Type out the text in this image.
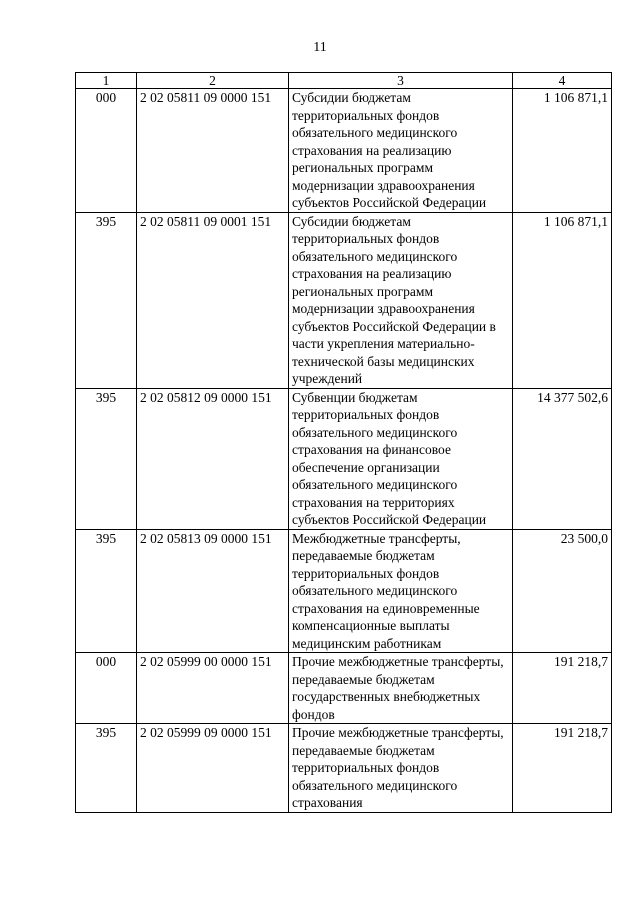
11
1	2	3	4
000	2 02 05811 09 0000 151	Субсидии бюджетам территориальных фондов обязательного медицинского страхования на реализацию региональных программ модернизации здравоохранения субъектов Российской Федерации	1 106 871,1
395	2 02 05811 09 0001 151	Субсидии бюджетам территориальных фондов обязательного медицинского страхования на реализацию региональных программ модернизации здравоохранения субъектов Российской Федерации в части укрепления материально-технической базы медицинских учреждений	1 106 871,1
395	2 02 05812 09 0000 151	Субвенции бюджетам территориальных фондов обязательного медицинского страхования на финансовое обеспечение организации обязательного медицинского страхования на территориях субъектов Российской Федерации	14 377 502,6
395	2 02 05813 09 0000 151	Межбюджетные трансферты, передаваемые бюджетам территориальных фондов обязательного медицинского страхования на единовременные компенсационные выплаты медицинским работникам	23 500,0
000	2 02 05999 00 0000 151	Прочие межбюджетные трансферты, передаваемые бюджетам государственных внебюджетных фондов	191 218,7
395	2 02 05999 09 0000 151	Прочие межбюджетные трансферты, передаваемые бюджетам территориальных фондов обязательного медицинского страхования	191 218,7
